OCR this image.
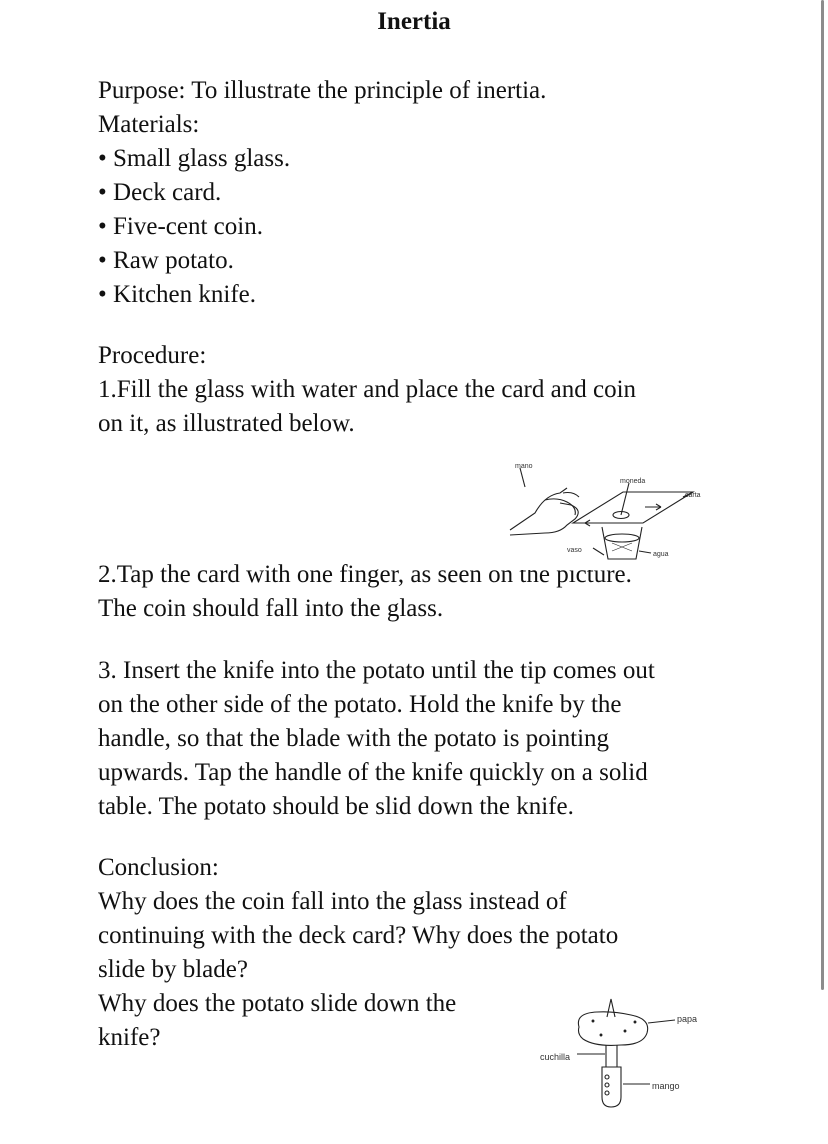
Inertia
Purpose: To illustrate the principle of inertia.
Materials:
• Small glass glass.
• Deck card.
• Five-cent coin.
• Raw potato.
• Kitchen knife.
Procedure:
1.Fill the glass with water and place the card and coin
on it, as illustrated below.
2.Tap the card with one finger, as seen on the picture.
The coin should fall into the glass.
mano
moneda
carta
vaso
agua
3. Insert the knife into the potato until the tip comes out
on the other side of the potato. Hold the knife by the
handle, so that the blade with the potato is pointing
upwards. Tap the handle of the knife quickly on a solid
table. The potato should be slid down the knife.
Conclusion:
Why does the coin fall into the glass instead of
continuing with the deck card? Why does the potato
slide by blade?
Why does the potato slide down the
knife?
papa
cuchilla
mango
